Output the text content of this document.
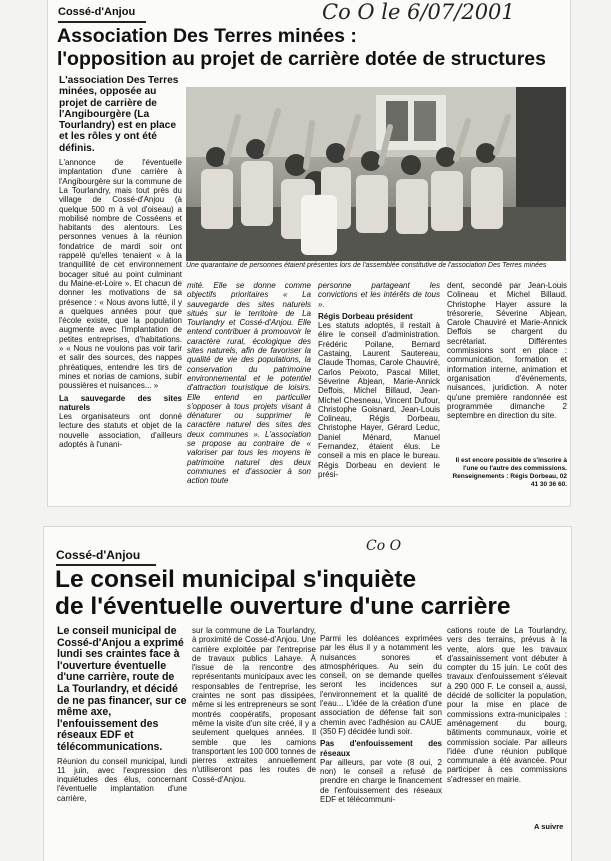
Co O le 6/07/2001
Cossé-d'Anjou
Association Des Terres minées :
l'opposition au projet de carrière dotée de structures

L'association Des Terres minées, opposée au projet de carrière de l'Angibourgère (La Tourlandry) est en place et les rôles y ont été définis.

L'annonce de l'éventuelle implantation d'une carrière à l'Angibourgère sur la commune de La Tourlandry, mais tout près du village de Cossé-d'Anjou (à quelque 500 m à vol d'oiseau) a mobilisé nombre de Cosséens et habitants des alentours. Les personnes venues à la réunion fondatrice de mardi soir ont rappelé qu'elles tenaient « à la tranquillité de cet environnement bocager situé au point culminant du Maine-et-Loire ». Et chacun de donner les motivations de sa présence : « Nous avons lutté, il y a quelques années pour que l'école existe, que la population augmente avec l'implantation de petites entreprises, d'habitations. » « Nous ne voulons pas voir tarir et salir des sources, des nappes phréatiques, entendre les tirs de mines et norias de camions, subir poussières et nuisances... »

La sauvegarde des sites naturels

Les organisateurs ont donné lecture des statuts et objet de la nouvelle association, d'ailleurs adoptés à l'unani-

Une quarantaine de personnes étaient présentes lors de l'assemblée constitutive de l'association Des Terres minées

mité. Elle se donne comme objectifs prioritaires « La sauvegarde des sites naturels situés sur le territoire de La Tourlandry et Cossé-d'Anjou. Elle entend contribuer à promouvoir le caractère rural, écologique des sites naturels, afin de favoriser la qualité de vie des populations, la conservation du patrimoine environnemental et le potentiel d'attraction touristique de loisirs. Elle entend en particulier s'opposer à tous projets visant à dénaturer ou supprimer le caractère naturel des sites des deux communes ». L'association se propose au contraire de « valoriser par tous les moyens le patrimoine naturel des deux communes et d'associer à son action toute

personne partageant les convictions et les intérêts de tous ».

Régis Dorbeau président

Les statuts adoptés, il restait à élire le conseil d'administration. Frédéric Poilane, Bernard Castaing, Laurent Sautereau, Claude Thomas, Carole Chauviré, Carlos Peixoto, Pascal Millet, Séverine Abjean, Marie-Annick Deffois, Michel Billaud, Jean-Michel Chesneau, Vincent Dufour, Christophe Goisnard, Jean-Louis Colineau, Régis Dorbeau, Christophe Hayer, Gérard Leduc, Daniel Ménard, Manuel Fernandez, étaient élus. Le conseil a mis en place le bureau. Régis Dorbeau en devient le prési-

dent, secondé par Jean-Louis Colineau et Michel Billaud. Christophe Hayer assure la trésorerie, Séverine Abjean, Carole Chauviré et Marie-Annick Deffois se chargent du secrétariat. Différentes commissions sont en place : communication, formation et information interne, animation et organisation d'événements, nuisances, juridiction. A noter qu'une première randonnée est programmée dimanche 2 septembre en direction du site.

Il est encore possible de s'inscrire à l'une ou l'autre des commissions. Renseignements : Régis Dorbeau, 02 41 30 36 60.
Co O
Cossé-d'Anjou
Le conseil municipal s'inquiète
de l'éventuelle ouverture d'une carrière

Le conseil municipal de Cossé-d'Anjou a exprimé lundi ses craintes face à l'ouverture éventuelle d'une carrière, route de La Tourlandry, et décidé de ne pas financer, sur ce même axe, l'enfouissement des réseaux EDF et télécommunications.

Réunion du conseil municipal, lundi 11 juin, avec l'expression des inquiétudes des élus, concernant l'éventuelle implantation d'une carrière,

sur la commune de La Tourlandry, à proximité de Cossé-d'Anjou. Une carrière exploitée par l'entreprise de travaux publics Lahaye. À l'issue de la rencontre des représentants municipaux avec les responsables de l'entreprise, les craintes ne sont pas dissipées, même si les entrepreneurs se sont montrés coopératifs, proposant même la visite d'un site créé, il y a seulement quelques années. Il semble que les camions transportant les 100 000 tonnes de pierres extraites annuellement n'utiliseront pas les routes de Cossé-d'Anjou.

Parmi les doléances exprimées par les élus il y a notamment les nuisances sonores et atmosphériques. Au sein du conseil, on se demande quelles seront les incidences sur l'environnement et la qualité de l'eau... L'idée de la création d'une association de défense fait son chemin avec l'adhésion au CAUE (350 F) décidée lundi soir.

Pas d'enfouissement des réseaux

Par ailleurs, par vote (8 oui, 2 non) le conseil a refusé de prendre en charge le financement de l'enfouissement des réseaux EDF et télécommuni-

cations route de La Tourlandry, vers des terrains, prévus à la vente, alors que les travaux d'assainissement vont débuter à compter du 15 juin. Le coût des travaux d'enfouissement s'élevait à 290 000 F. Le conseil a, aussi, décidé de solliciter la population, pour la mise en place de commissions extra-municipales : aménagement du bourg, bâtiments communaux, voirie et commission sociale. Par ailleurs l'idée d'une réunion publique communale a été avancée. Pour participer à ces commissions s'adresser en mairie.

A suivre
